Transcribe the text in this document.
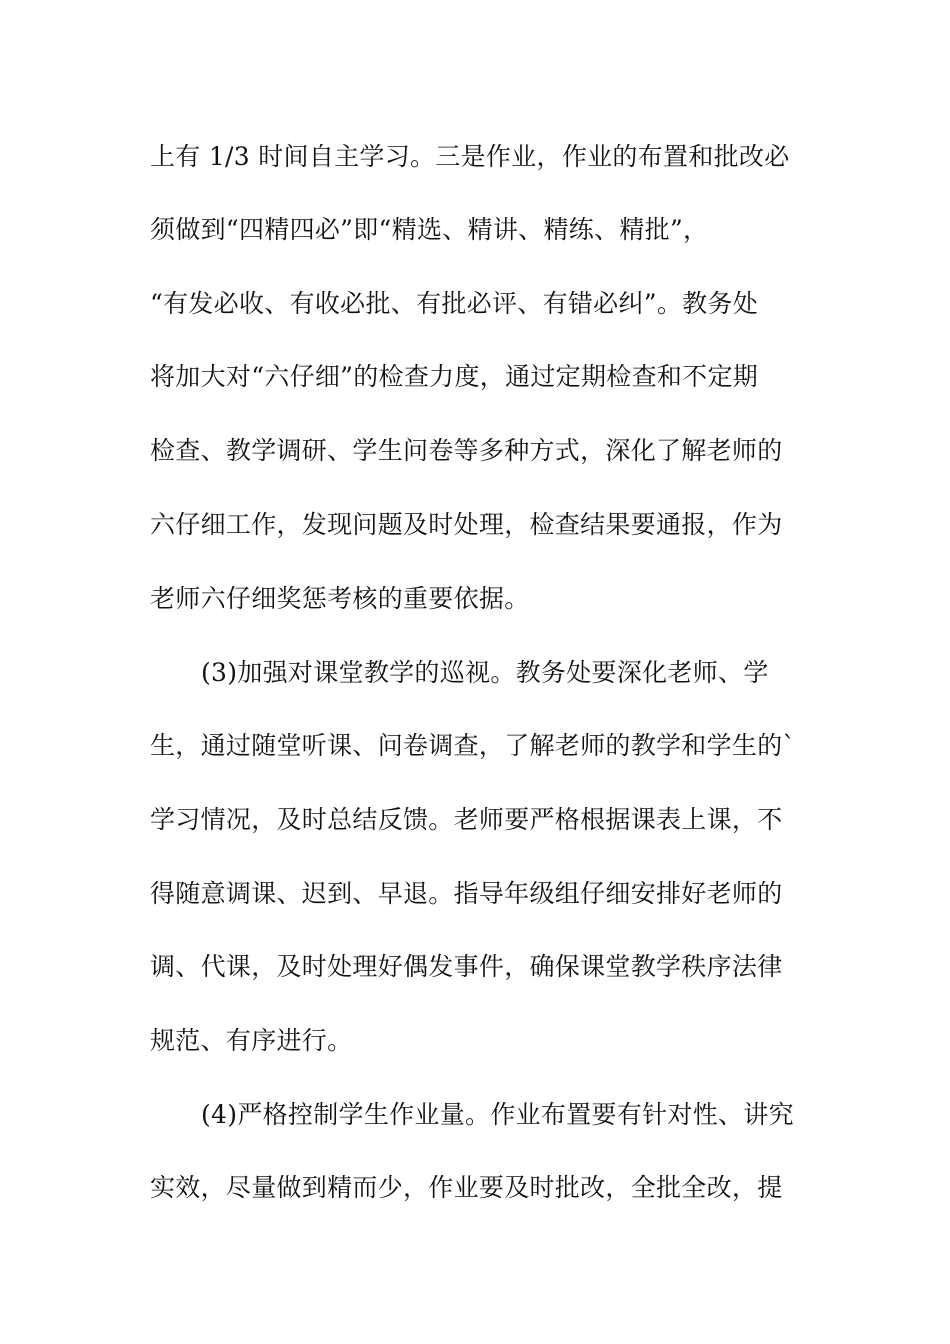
上有 1/3 时间自主学习。三是作业，作业的布置和批改必
须做到“四精四必”即“精选、精讲、精练、精批”，
“有发必收、有收必批、有批必评、有错必纠”。教务处
将加大对“六仔细”的检查力度，通过定期检查和不定期
检查、教学调研、学生问卷等多种方式，深化了解老师的
六仔细工作，发现问题及时处理，检查结果要通报，作为
老师六仔细奖惩考核的重要依据。
(3)加强对课堂教学的巡视。教务处要深化老师、学
生，通过随堂听课、问卷调查，了解老师的教学和学生的`
学习情况，及时总结反馈。老师要严格根据课表上课，不
得随意调课、迟到、早退。指导年级组仔细安排好老师的
调、代课，及时处理好偶发事件，确保课堂教学秩序法律
规范、有序进行。
(4)严格控制学生作业量。作业布置要有针对性、讲究
实效，尽量做到精而少，作业要及时批改，全批全改，提
